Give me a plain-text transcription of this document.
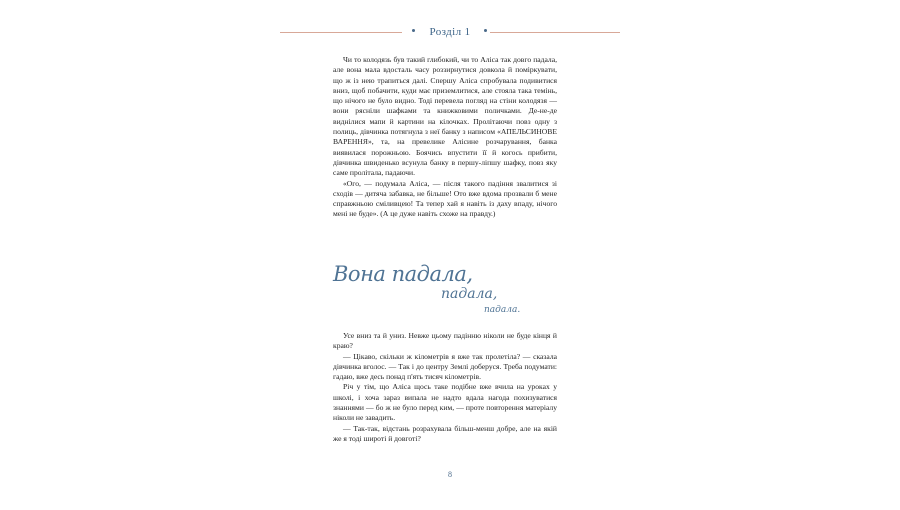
Розділ 1

Чи то колодязь був такий глибокий, чи то Аліса так довго падала, але вона мала вдосталь часу роззирнутися довкола й поміркувати, що ж із нею трапиться далі. Спершу Аліса спробувала подивитися вниз, щоб побачити, куди має приземлитися, але стояла така темінь, що нічого не було видно. Тоді перевела погляд на стіни колодязя — вони рясніли шафками та книжковими поличками. Де-не-де виднілися мапи й картини на кілочках. Пролітаючи повз одну з полиць, дівчинка потягнула з неї банку з написом «АПЕЛЬСИНОВЕ ВАРЕННЯ», та, на превелике Алісине розчарування, банка виявилася порожньою. Боячись впустити її й когось прибити, дівчинка швиденько всунула банку в першу-ліпшу шафку, повз яку саме пролітала, падаючи.

«Ого, — подумала Аліса, — після такого падіння звалитися зі сходів — дитяча забавка, не більше! Ото вже вдома прозвали б мене справжньою сміливцею! Та тепер хай я навіть із даху впаду, нічого мені не буде». (А це дуже навіть схоже на правду.)

Вона падала,
падала,
падала.

Усе вниз та й униз. Невже цьому падінню ніколи не буде кінця й краю?

— Цікаво, скільки ж кілометрів я вже так пролетіла? — сказала дівчинка вголос. — Так і до центру Землі доберуся. Треба подумати: гадаю, вже десь понад п'ять тисяч кілометрів.

Річ у тім, що Аліса щось таке подібне вже вчила на уроках у школі, і хоча зараз випала не надто вдала нагода похизуватися знаннями — бо ж не було перед ким, — проте повторення матеріалу ніколи не завадить.

— Так-так, відстань розрахувала більш-менш добре, але на якій же я тоді широті й довготі?

8
